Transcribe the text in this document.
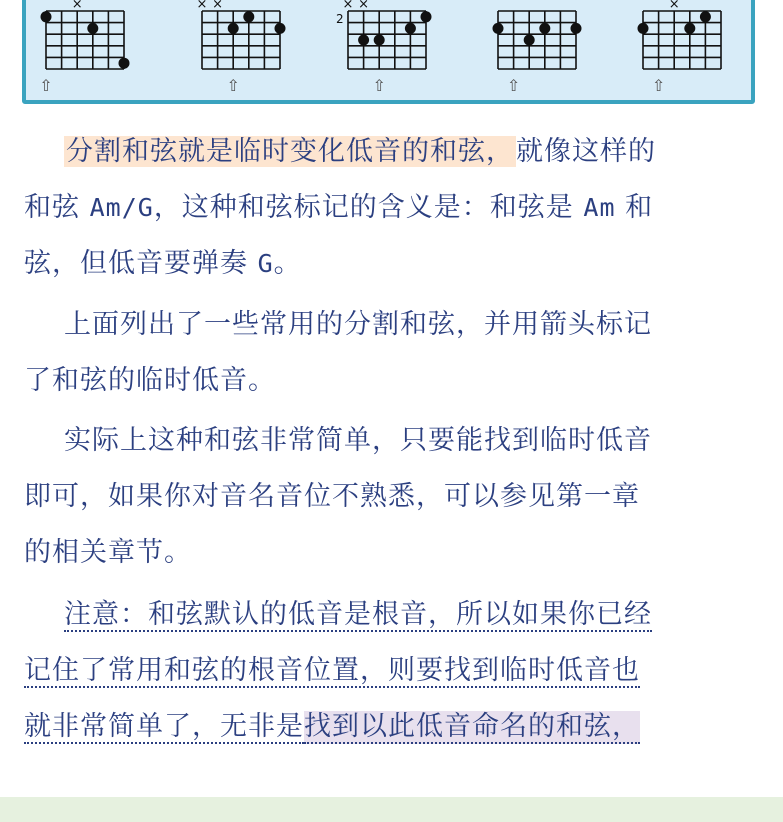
×
⇧
× ×
⇧
× ×
2
⇧	⇧
×
⇧
分割和弦就是临时变化低音的和弦，就像这样的
和弦 Am/G，这种和弦标记的含义是：和弦是 Am 和
弦，但低音要弹奏 G。
上面列出了一些常用的分割和弦，并用箭头标记
了和弦的临时低音。
实际上这种和弦非常简单，只要能找到临时低音
即可，如果你对音名音位不熟悉，可以参见第一章
的相关章节。
注意：和弦默认的低音是根音，所以如果你已经
记住了常用和弦的根音位置，则要找到临时低音也
就非常简单了，无非是找到以此低音命名的和弦，
